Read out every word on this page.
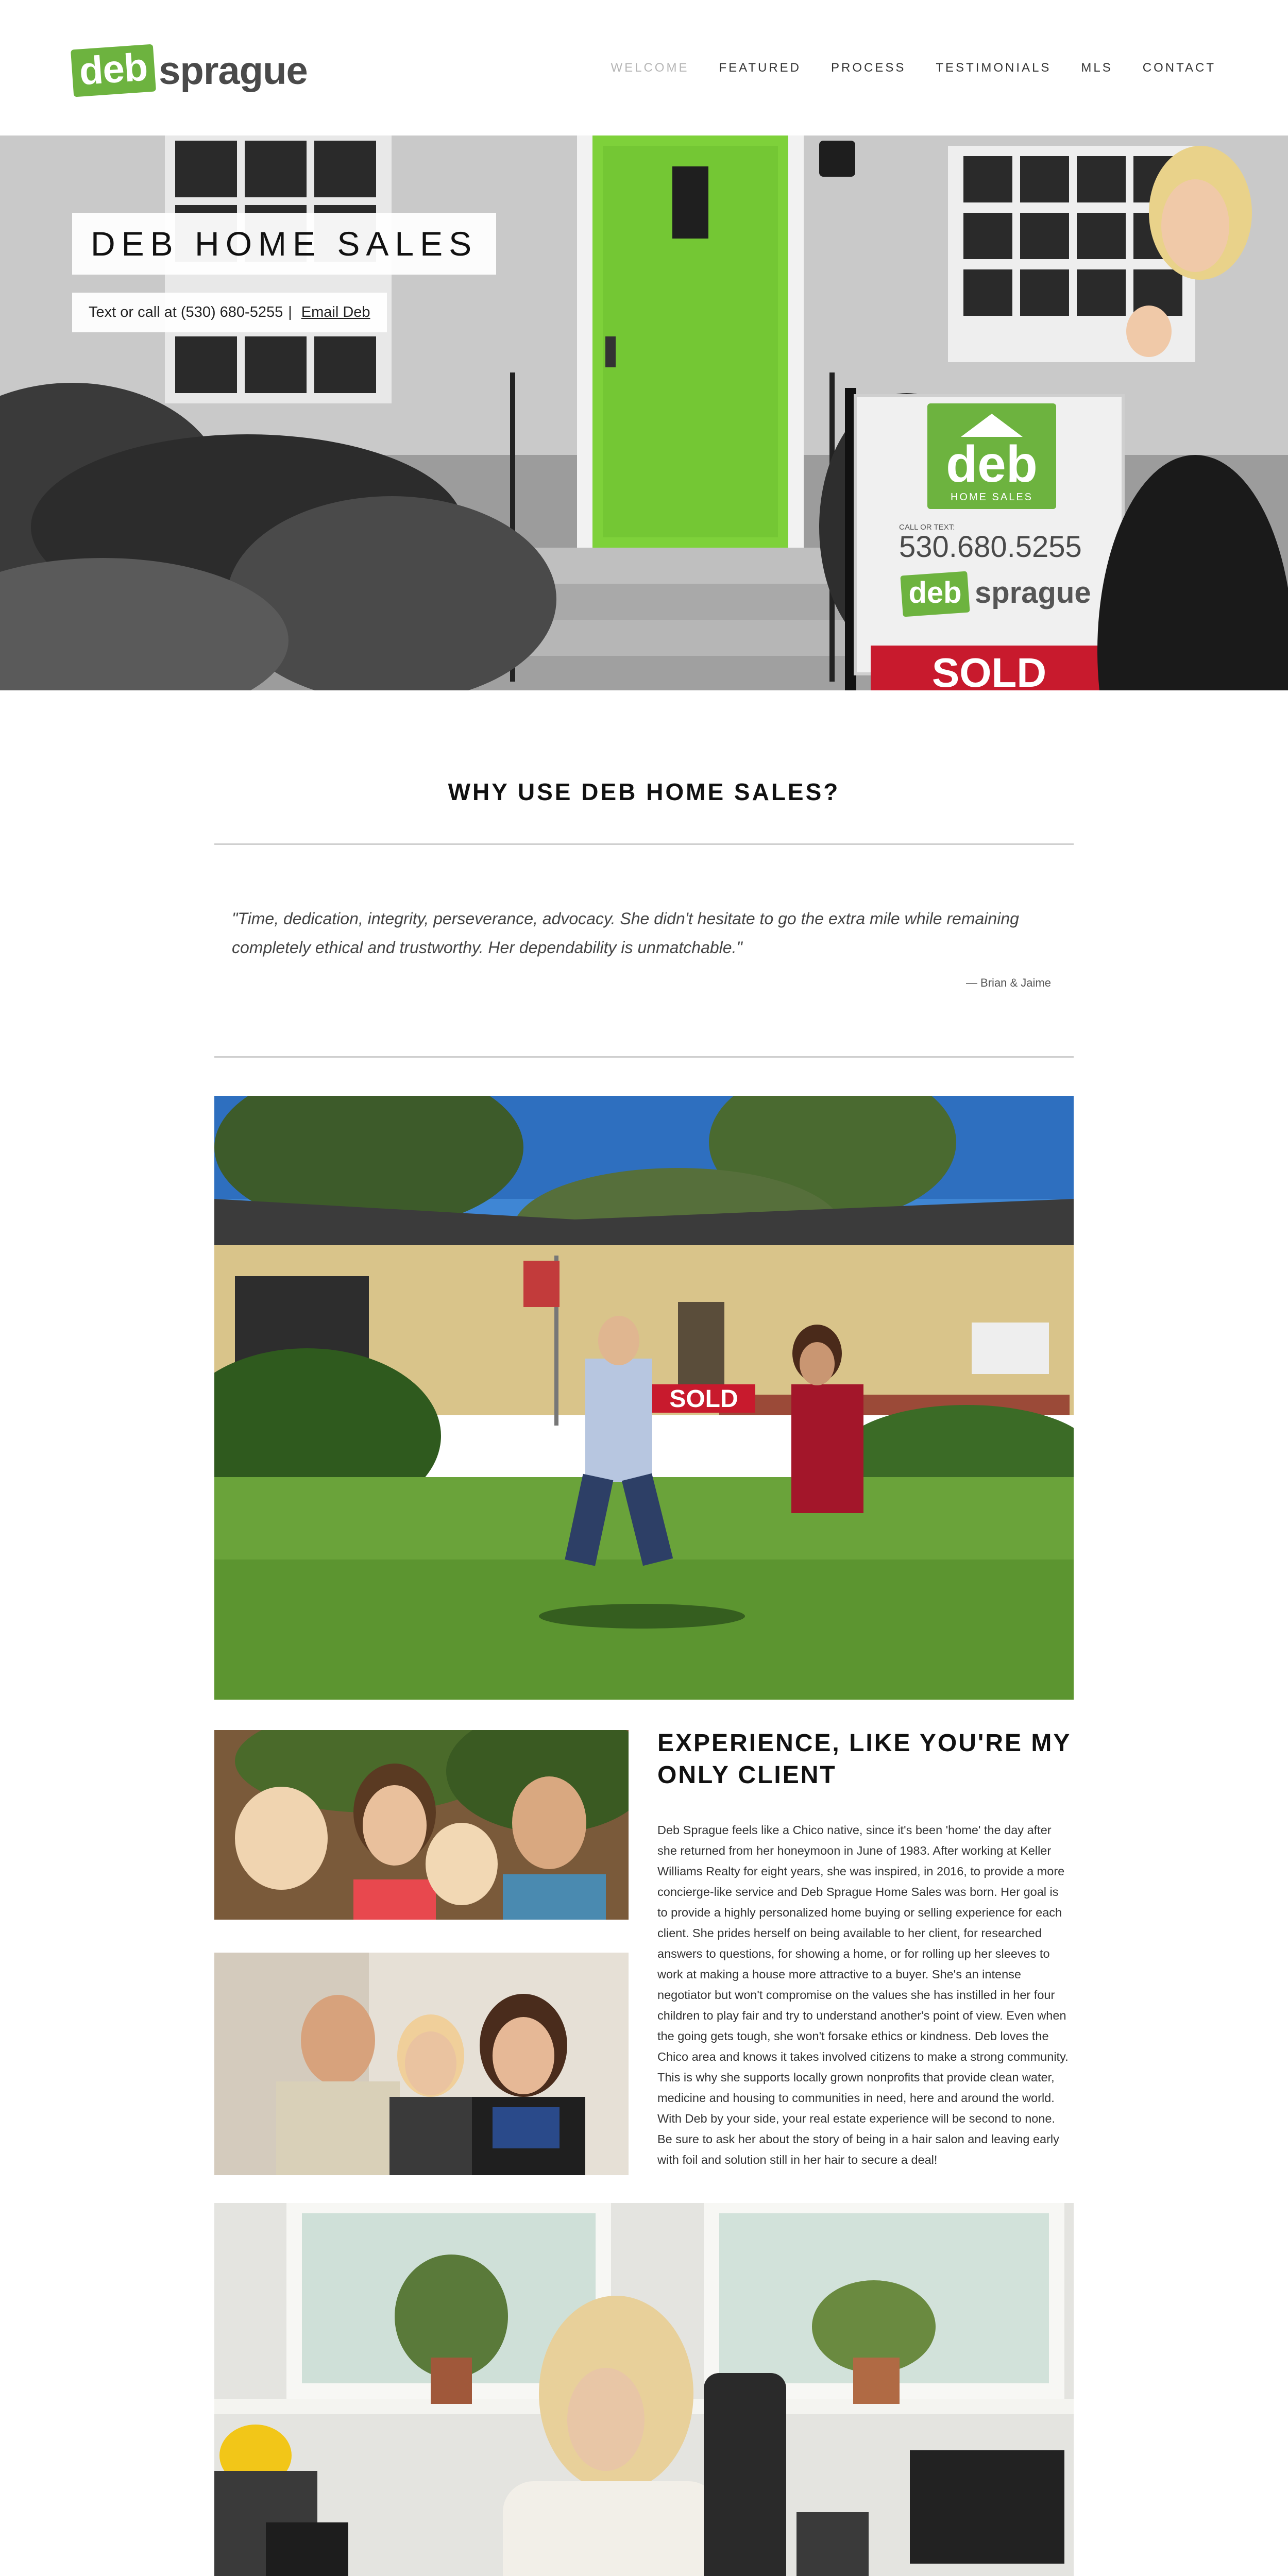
deb sprague	WELCOME FEATURED PROCESS TESTIMONIALS MLS CONTACT
deb
HOME SALES
CALL OR TEXT:
530.680.5255
deb sprague
SOLD
DEB HOME SALES
Text or call at (530) 680-5255 | Email Deb
WHY USE DEB HOME SALES?
"Time, dedication, integrity, perseverance, advocacy. She didn't hesitate to go the extra mile while remaining completely ethical and trustworthy. Her dependability is unmatchable."
— Brian & Jaime
SOLD
EXPERIENCE, LIKE YOU'RE MY ONLY CLIENT
Deb Sprague feels like a Chico native, since it's been 'home' the day after she returned from her honeymoon in June of 1983. After working at Keller Williams Realty for eight years, she was inspired, in 2016, to provide a more concierge-like service and Deb Sprague Home Sales was born. Her goal is to provide a highly personalized home buying or selling experience for each client. She prides herself on being available to her client, for researched answers to questions, for showing a home, or for rolling up her sleeves to work at making a house more attractive to a buyer. She's an intense negotiator but won't compromise on the values she has instilled in her four children to play fair and try to understand another's point of view. Even when the going gets tough, she won't forsake ethics or kindness. Deb loves the Chico area and knows it takes involved citizens to make a strong community. This is why she supports locally grown nonprofits that provide clean water, medicine and housing to communities in need, here and around the world. With Deb by your side, your real estate experience will be second to none. Be sure to ask her about the story of being in a hair salon and leaving early with foil and solution still in her hair to secure a deal!
